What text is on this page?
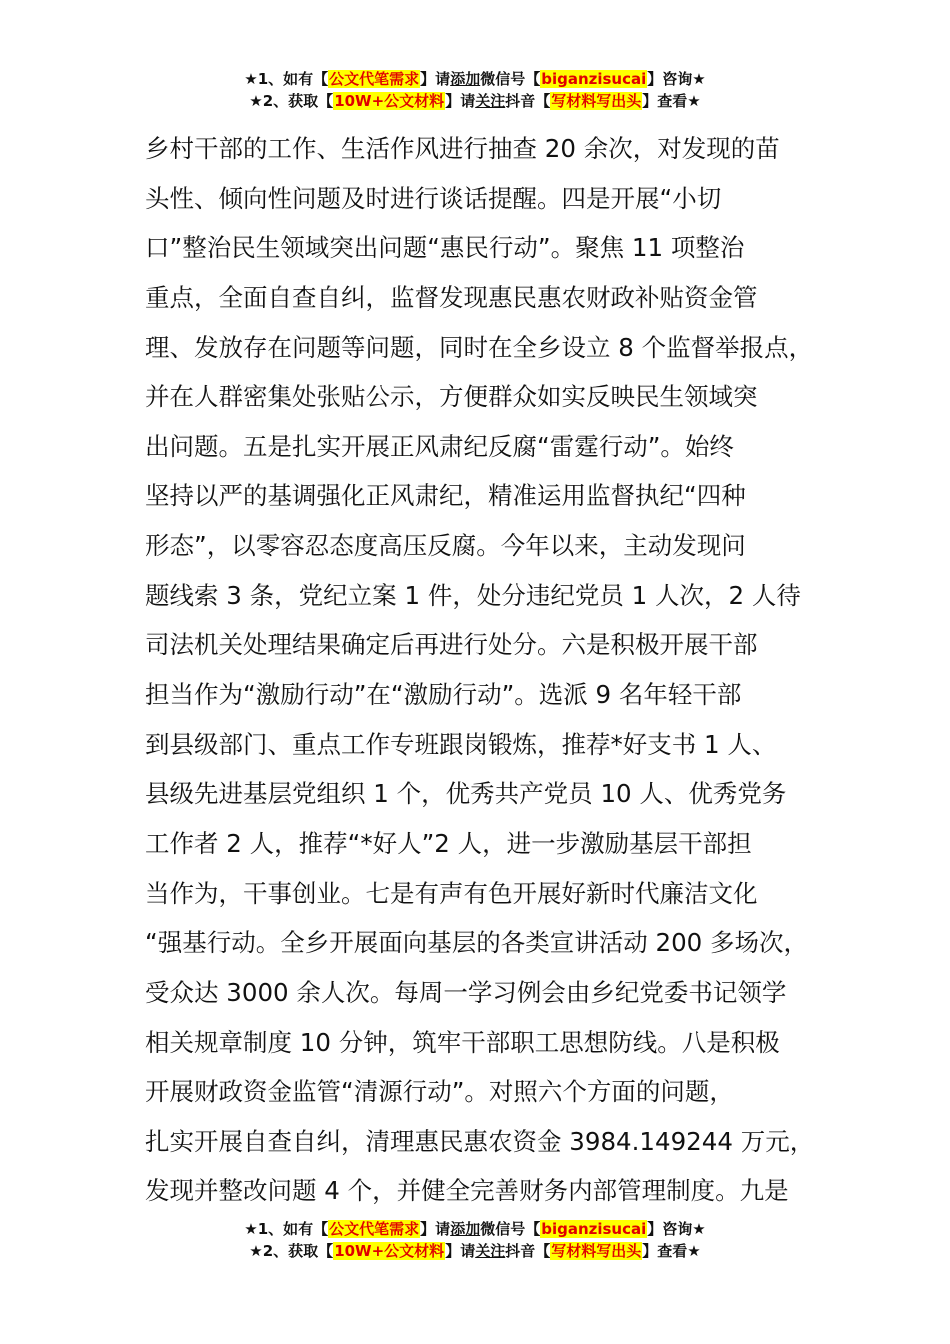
★1、如有【公文代笔需求】请添加微信号【biganzisucai】咨询★
★2、获取【10W+公文材料】请关注抖音【写材料写出头】查看★
乡村干部的工作、生活作风进行抽查 20 余次，对发现的苗
头性、倾向性问题及时进行谈话提醒。四是开展“小切
口”整治民生领域突出问题“惠民行动”。聚焦 11 项整治
重点，全面自查自纠，监督发现惠民惠农财政补贴资金管
理、发放存在问题等问题，同时在全乡设立 8 个监督举报点，
并在人群密集处张贴公示，方便群众如实反映民生领域突
出问题。五是扎实开展正风肃纪反腐“雷霆行动”。始终
坚持以严的基调强化正风肃纪，精准运用监督执纪“四种
形态”，以零容忍态度高压反腐。今年以来，主动发现问
题线索 3 条，党纪立案 1 件，处分违纪党员 1 人次，2 人待
司法机关处理结果确定后再进行处分。六是积极开展干部
担当作为“激励行动”在“激励行动”。选派 9 名年轻干部
到县级部门、重点工作专班跟岗锻炼，推荐*好支书 1 人、
县级先进基层党组织 1 个，优秀共产党员 10 人、优秀党务
工作者 2 人，推荐“*好人”2 人，进一步激励基层干部担
当作为，干事创业。七是有声有色开展好新时代廉洁文化
“强基行动。全乡开展面向基层的各类宣讲活动 200 多场次，
受众达 3000 余人次。每周一学习例会由乡纪党委书记领学
相关规章制度 10 分钟，筑牢干部职工思想防线。八是积极
开展财政资金监管“清源行动”。对照六个方面的问题，
扎实开展自查自纠，清理惠民惠农资金 3984.149244 万元，
发现并整改问题 4 个，并健全完善财务内部管理制度。九是
★1、如有【公文代笔需求】请添加微信号【biganzisucai】咨询★
★2、获取【10W+公文材料】请关注抖音【写材料写出头】查看★
